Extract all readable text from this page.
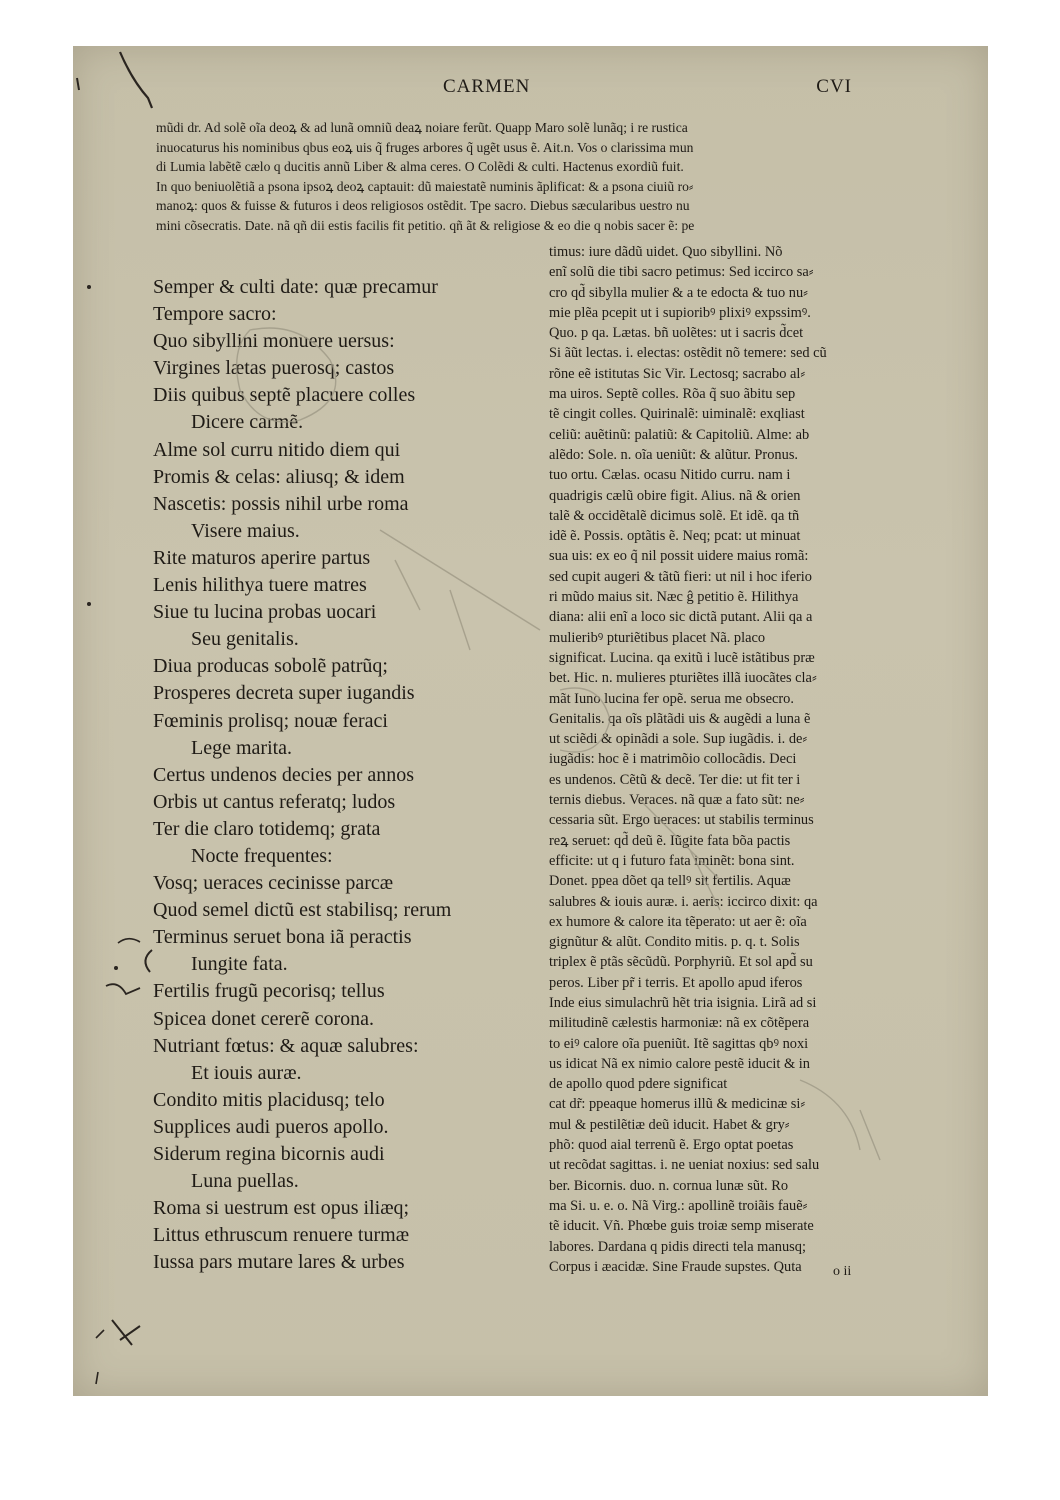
CARMEN	CVI
mũdi dr. Ad solẽ oĩa deoꝝ & ad lunã omniũ deaꝝ noiare ferũt. Quapp Maro solẽ lunãq; i re rustica
inuocaturus his nominibus qbus eoꝝ uis q̃ fruges arbores q̃ ugẽt usus ẽ. Ait.n. Vos o clarissima mun
di Lumia labẽtẽ cælo q ducitis annũ Liber & alma ceres. O Colẽdi & culti. Hactenus exordiũ fuit.
In quo beniuolẽtiã a psona ipsoꝝ deoꝝ captauit: dũ maiestatẽ numinis ãplificat: & a psona ciuiũ ro⸗
manoꝝ: quos & fuisse & futuros i deos religiosos ostẽdit. Tpe sacro. Diebus sæcularibus uestro nu
mini cõsecratis. Date. nã qñ dii estis facilis fit petitio. qñ ãt & religiose & eo die q nobis sacer ẽ: pe
Semper & culti date: quæ precamur
Tempore sacro:
Quo sibyllini monuere uersus:
Virgines lætas puerosq; castos
Diis quibus septẽ placuere colles
Dicere carmẽ.
Alme sol curru nitido diem qui
Promis & celas: aliusq; & idem
Nascetis: possis nihil urbe roma
Visere maius.
Rite maturos aperire partus
Lenis hilithya tuere matres
Siue tu lucina probas uocari
Seu genitalis.
Diua producas sobolẽ patrũq;
Prosperes decreta super iugandis
Fœminis prolisq; nouæ feraci
Lege marita.
Certus undenos decies per annos
Orbis ut cantus referatq; ludos
Ter die claro totidemq; grata
Nocte frequentes:
Vosq; ueraces cecinisse parcæ
Quod semel dictũ est stabilisq; rerum
Terminus seruet bona iã peractis
Iungite fata.
Fertilis frugũ pecorisq; tellus
Spicea donet cererẽ corona.
Nutriant fœtus: & aquæ salubres:
Et iouis auræ.
Condito mitis placidusq; telo
Supplices audi pueros apollo.
Siderum regina bicornis audi
Luna puellas.
Roma si uestrum est opus iliæq;
Littus ethruscum renuere turmæ
Iussa pars mutare lares & urbes
timus: iure dãdũ uidet. Quo sibyllini. Nõ
enĩ solũ die tibi sacro petimus: Sed iccirco sa⸗
cro qd̃ sibylla mulier & a te edocta & tuo nu⸗
mie plẽa pcepit ut i supioribꝰ plixiꝰ expssimꝰ.
Quo. p qa. Lætas. bñ uolẽtes: ut i sacris d̃cet
Si ãũt lectas. i. electas: ostẽdit nõ temere: sed cũ
rõne eẽ istitutas Sic Vir. Lectosq; sacrabo al⸗
ma uiros. Septẽ colles. Rõa q̃ suo ãbitu sep
tẽ cingit colles. Quirinalẽ: uiminalẽ: exqliast
celiũ: auẽtinũ: palatiũ: & Capitoliũ. Alme: ab
alẽdo: Sole. n. oĩa ueniũt: & alũtur. Pronus.
tuo ortu. Cælas. ocasu Nitido curru. nam i
quadrigis cælũ obire figit. Alius. nã & orien
talẽ & occidẽtalẽ dicimus solẽ. Et idẽ. qa tñ
idẽ ẽ. Possis. optãtis ẽ. Neq; pcat: ut minuat
sua uis: ex eo q̃ nil possit uidere maius romã:
sed cupit augeri & tãtũ fieri: ut nil i hoc iferio
ri mũdo maius sit. Næc ĝ petitio ẽ. Hilithya
diana: alii enĩ a loco sic dictã putant. Alii qa a
mulieribꝰ pturiẽtibus placet Nã. placo
significat. Lucina. qa exitũ i lucẽ istãtibus præ
bet. Hic. n. mulieres pturiẽtes illã iuocãtes cla⸗
mãt Iuno lucina fer opẽ. serua me obsecro.
Genitalis. qa oĩs plãtãdi uis & augẽdi a luna ẽ
ut sciẽdi & opinãdi a sole. Sup iugãdis. i. de⸗
iugãdis: hoc ẽ i matrimõio collocãdis. Deci
es undenos. Cẽtũ & decẽ. Ter die: ut fit ter i
ternis diebus. Veraces. nã quæ a fato sũt: ne⸗
cessaria sũt. Ergo ueraces: ut stabilis terminus
reꝝ seruet: qd̃ deũ ẽ. Iũgite fata bõa pactis
efficite: ut q i futuro fata iminẽt: bona sint.
Donet. ppea dõet qa tellꝰ sit fertilis. Aquæ
salubres & iouis auræ. i. aeris: iccirco dixit: qa
ex humore & calore ita tẽperato: ut aer ẽ: oĩa
gignũtur & alũt. Condito mitis. p. q. t. Solis
triplex ẽ ptãs sẽcũdũ. Porphyriũ. Et sol apd̃ su
peros. Liber pr̃ i terris. Et apollo apud iferos
Inde eius simulachrũ hẽt tria isignia. Lirã ad si
militudinẽ cælestis harmoniæ: nã ex cõtẽpera
to eiꝰ calore oĩa pueniũt. Itẽ sagittas qbꝰ noxi
us idicat Nã ex nimio calore pestẽ iducit & in
de apollo quod pdere significat
cat dr̃: ppeaque homerus illũ & medicinæ si⸗
mul & pestilẽtiæ deũ iducit. Habet & gry⸗
phõ: quod aial terrenũ ẽ. Ergo optat poetas
ut recõdat sagittas. i. ne ueniat noxius: sed salu
ber. Bicornis. duo. n. cornua lunæ sũt. Ro
ma Si. u. e. o. Nã Virg.: apollinẽ troiãis fauẽ⸗
tẽ iducit. Vñ. Phœbe guis troiæ semp miserate
labores. Dardana q pidis directi tela manusq;
Corpus i æacidæ. Sine Fraude supstes. Quta	o ii
